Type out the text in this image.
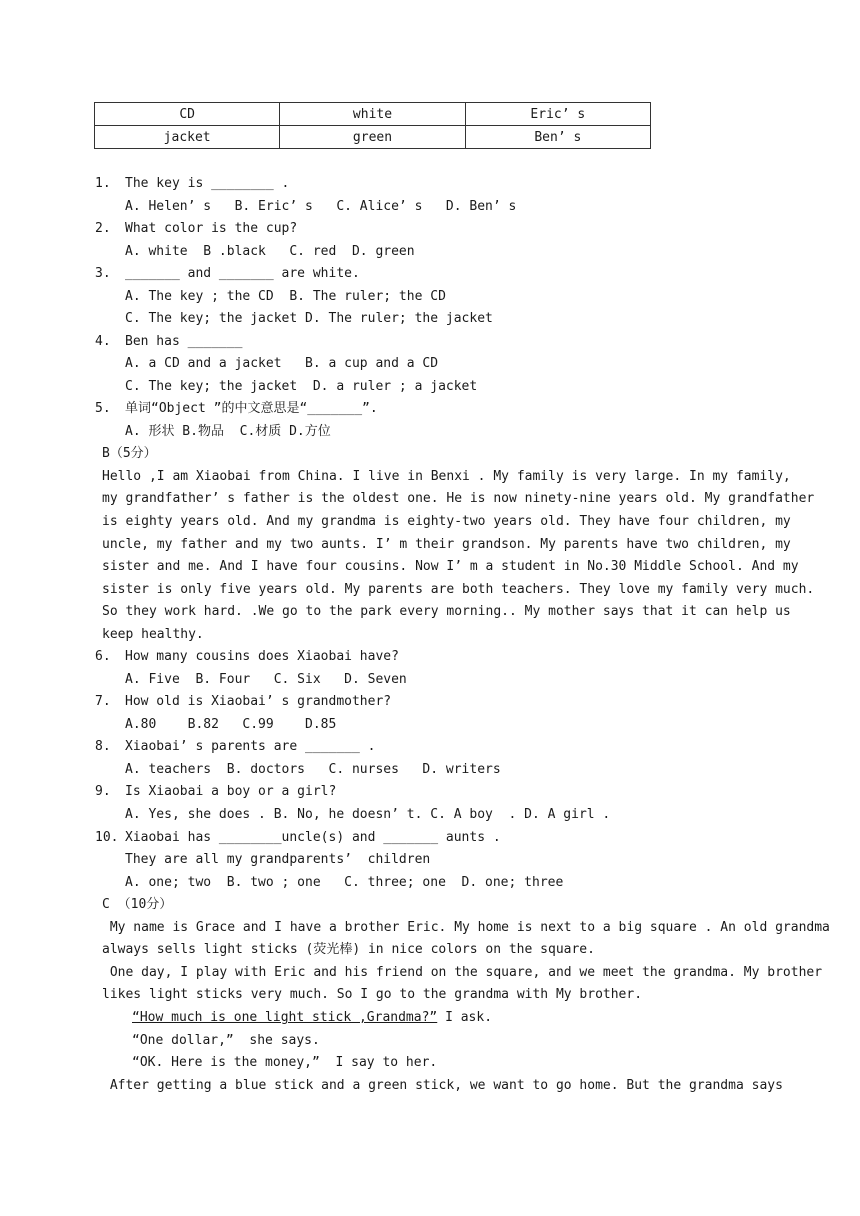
CD	white	Eric’ s
jacket	green	Ben’ s
1. The key is ________ .
A. Helen’ s   B. Eric’ s   C. Alice’ s   D. Ben’ s
2. What color is the cup?
A. white  B .black   C. red  D. green
3. _______ and _______ are white.
A. The key ; the CD  B. The ruler; the CD
C. The key; the jacket D. The ruler; the jacket
4. Ben has _______
A. a CD and a jacket   B. a cup and a CD
C. The key; the jacket  D. a ruler ; a jacket
5. 单词“Object ”的中文意思是“_______”.
A. 形状 B.物品  C.材质 D.方位
B（5分）
Hello ,I am Xiaobai from China. I live in Benxi . My family is very large. In my family,
my grandfather’ s father is the oldest one. He is now ninety-nine years old. My grandfather
is eighty years old. And my grandma is eighty-two years old. They have four children, my
uncle, my father and my two aunts. I’ m their grandson. My parents have two children, my
sister and me. And I have four cousins. Now I’ m a student in No.30 Middle School. And my
sister is only five years old. My parents are both teachers. They love my family very much.
So they work hard. .We go to the park every morning.. My mother says that it can help us
keep healthy.
6. How many cousins does Xiaobai have?
A. Five  B. Four   C. Six   D. Seven
7. How old is Xiaobai’ s grandmother?
A.80    B.82   C.99    D.85
8. Xiaobai’ s parents are _______ .
A. teachers  B. doctors   C. nurses   D. writers
9. Is Xiaobai a boy or a girl?
A. Yes, she does . B. No, he doesn’ t. C. A boy  . D. A girl .
10. Xiaobai has ________uncle(s) and _______ aunts .
They are all my grandparents’  children
A. one; two  B. two ; one   C. three; one  D. one; three
C （10分）
My name is Grace and I have a brother Eric. My home is next to a big square . An old grandma
always sells light sticks (荧光棒) in nice colors on the square.
One day, I play with Eric and his friend on the square, and we meet the grandma. My brother
likes light sticks very much. So I go to the grandma with My brother.
“How much is one light stick ,Grandma?” I ask.
“One dollar,”  she says.
“OK. Here is the money,”  I say to her.
After getting a blue stick and a green stick, we want to go home. But the grandma says
